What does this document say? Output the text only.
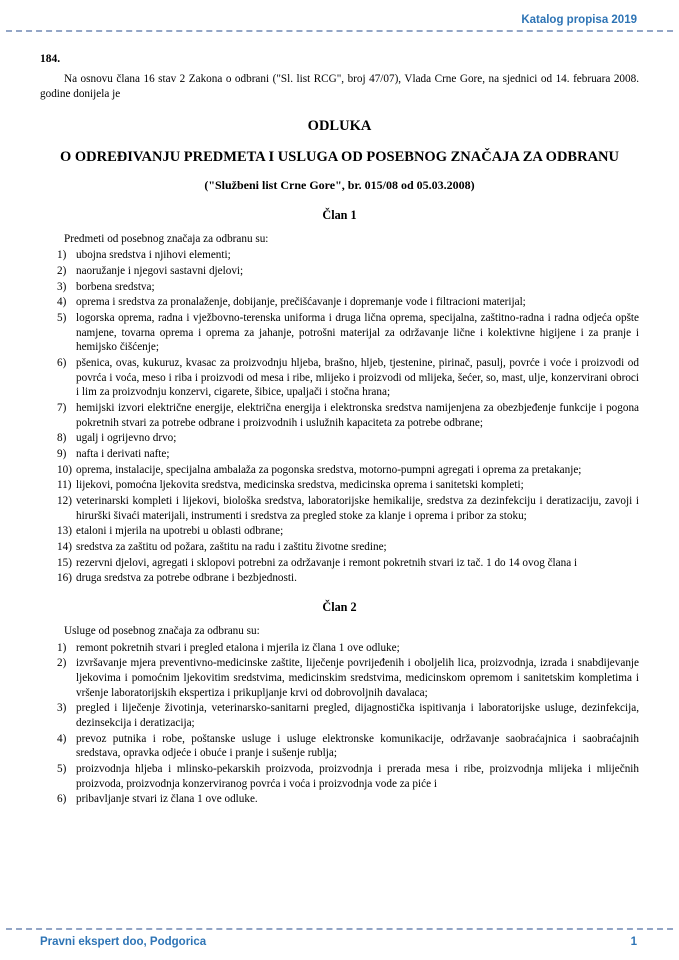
Katalog propisa 2019
184.

Na osnovu člana 16 stav 2 Zakona o odbrani ("Sl. list RCG", broj 47/07), Vlada Crne Gore, na sjednici od 14. februara 2008. godine donijela je

ODLUKA
O ODREĐIVANJU PREDMETA I USLUGA OD POSEBNOG ZNAČAJA ZA ODBRANU
("Službeni list Crne Gore", br. 015/08 od 05.03.2008)
Član 1

Predmeti od posebnog značaja za odbranu su:

1) ubojna sredstva i njihovi elementi;
2) naoružanje i njegovi sastavni djelovi;
3) borbena sredstva;
4) oprema i sredstva za pronalaženje, dobijanje, prečišćavanje i dopremanje vode i filtracioni materijal;
5) logorska oprema, radna i vježbovno-terenska uniforma i druga lična oprema, specijalna, zaštitno-radna i radna odjeća opšte namjene, tovarna oprema i oprema za jahanje, potrošni materijal za održavanje lične i kolektivne higijene i za pranje i hemijsko čišćenje;
6) pšenica, ovas, kukuruz, kvasac za proizvodnju hljeba, brašno, hljeb, tjestenine, pirinač, pasulj, povrće i voće i proizvodi od povrća i voća, meso i riba i proizvodi od mesa i ribe, mlijeko i proizvodi od mlijeka, šećer, so, mast, ulje, konzervirani obroci i lim za proizvodnju konzervi, cigarete, šibice, upaljači i stočna hrana;
7) hemijski izvori električne energije, električna energija i elektronska sredstva namijenjena za obezbjeđenje funkcije i pogona pokretnih stvari za potrebe odbrane i proizvodnih i uslužnih kapaciteta za potrebe odbrane;
8) ugalj i ogrijevno drvo;
9) nafta i derivati nafte;
10) oprema, instalacije, specijalna ambalaža za pogonska sredstva, motorno-pumpni agregati i oprema za pretakanje;
11) lijekovi, pomoćna ljekovita sredstva, medicinska sredstva, medicinska oprema i sanitetski kompleti;
12) veterinarski kompleti i lijekovi, biološka sredstva, laboratorijske hemikalije, sredstva za dezinfekciju i deratizaciju, zavoji i hirurški šivaći materijali, instrumenti i sredstva za pregled stoke za klanje i oprema i pribor za stoku;
13) etaloni i mjerila na upotrebi u oblasti odbrane;
14) sredstva za zaštitu od požara, zaštitu na radu i zaštitu životne sredine;
15) rezervni djelovi, agregati i sklopovi potrebni za održavanje i remont pokretnih stvari iz tač. 1 do 14 ovog člana i
16) druga sredstva za potrebe odbrane i bezbjednosti.
Član 2

Usluge od posebnog značaja za odbranu su:

1) remont pokretnih stvari i pregled etalona i mjerila iz člana 1 ove odluke;
2) izvršavanje mjera preventivno-medicinske zaštite, liječenje povrijeđenih i oboljelih lica, proizvodnja, izrada i snabdijevanje ljekovima i pomoćnim ljekovitim sredstvima, medicinskim sredstvima, medicinskom opremom i sanitetskim kompletima i vršenje laboratorijskih ekspertiza i prikupljanje krvi od dobrovoljnih davalaca;
3) pregled i liječenje životinja, veterinarsko-sanitarni pregled, dijagnostička ispitivanja i laboratorijske usluge, dezinfekcija, dezinsekcija i deratizacija;
4) prevoz putnika i robe, poštanske usluge i usluge elektronske komunikacije, održavanje saobraćajnica i saobraćajnih sredstava, opravka odjeće i obuće i pranje i sušenje rublja;
5) proizvodnja hljeba i mlinsko-pekarskih proizvoda, proizvodnja i prerada mesa i ribe, proizvodnja mlijeka i mliječnih proizvoda, proizvodnja konzerviranog povrća i voća i proizvodnja vode za piće i
6) pribavljanje stvari iz člana 1 ove odluke.
Pravni ekspert doo, Podgorica	1
